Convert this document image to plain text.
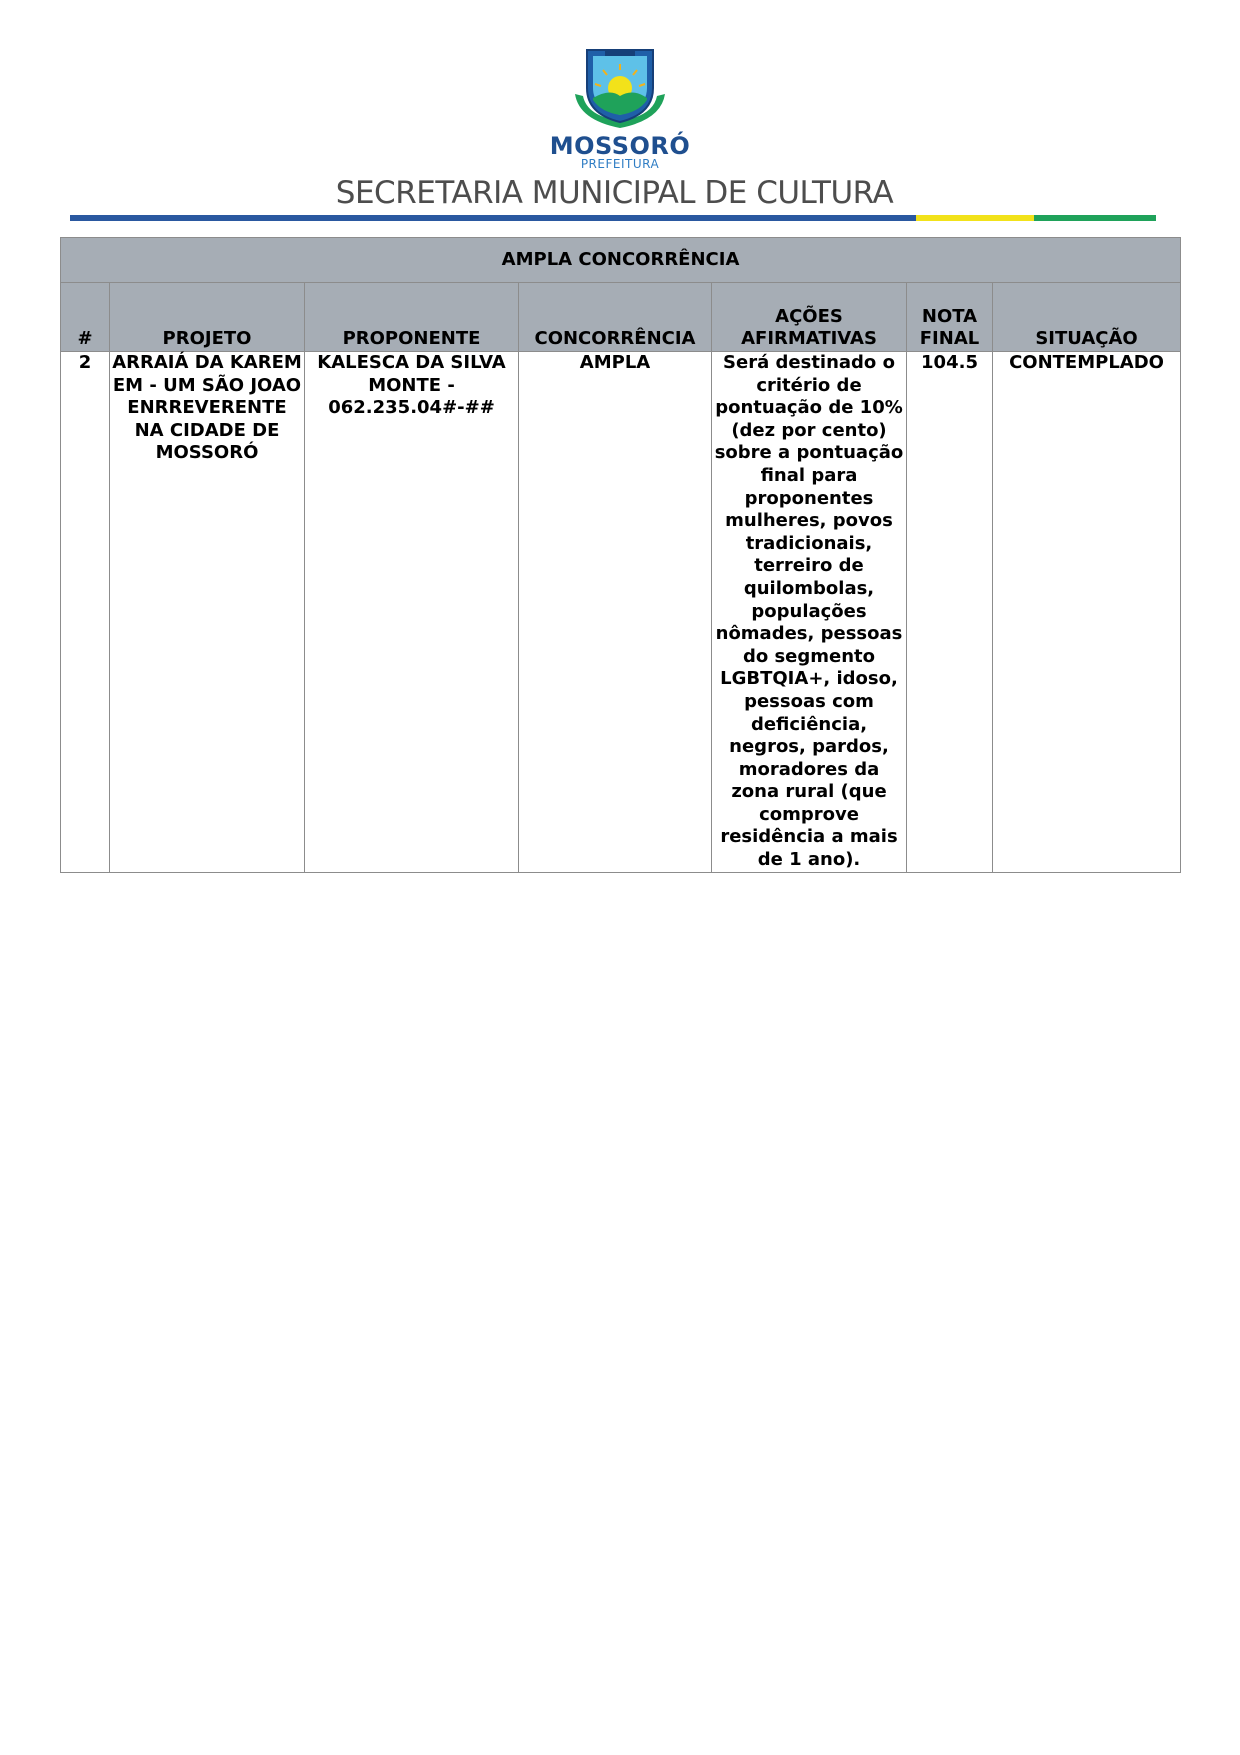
MOSSORÓ
PREFEITURA
SECRETARIA MUNICIPAL DE CULTURA
AMPLA CONCORRÊNCIA						
#	PROJETO	PROPONENTE	CONCORRÊNCIA	AÇÕES AFIRMATIVAS	NOTA FINAL	SITUAÇÃO
2	ARRAIÁ DA KAREM EM - UM SÃO JOAO ENRREVERENTE NA CIDADE DE MOSSORÓ	KALESCA DA SILVA MONTE - 062.235.04#-##	AMPLA	Será destinado o critério de pontuação de 10% (dez por cento) sobre a pontuação final para proponentes mulheres, povos tradicionais, terreiro de quilombolas, populações nômades, pessoas do segmento LGBTQIA+, idoso, pessoas com deficiência, negros, pardos, moradores da zona rural (que comprove residência a mais de 1 ano).	104.5	CONTEMPLADO
